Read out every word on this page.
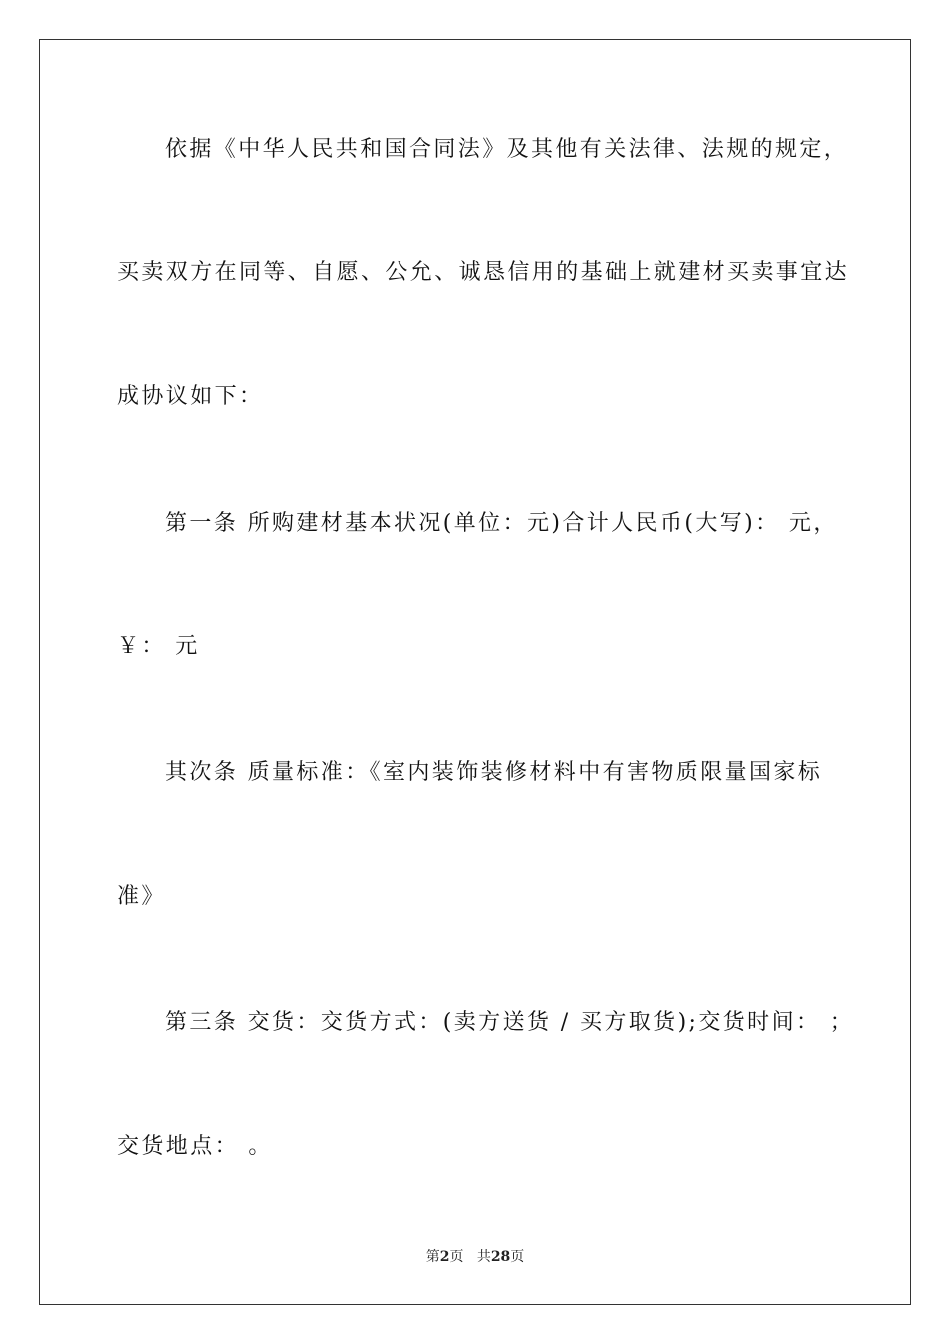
依据《中华人民共和国合同法》及其他有关法律、法规的规定，
买卖双方在同等、自愿、公允、诚恳信用的基础上就建材买卖事宜达
成协议如下：
第一条 所购建材基本状况(单位：元)合计人民币(大写)： 元，
￥： 元
其次条 质量标准：《室内装饰装修材料中有害物质限量国家标
准》
第三条 交货：交货方式：(卖方送货 / 买方取货);交货时间： ；
交货地点： 。
第2页 共28页
